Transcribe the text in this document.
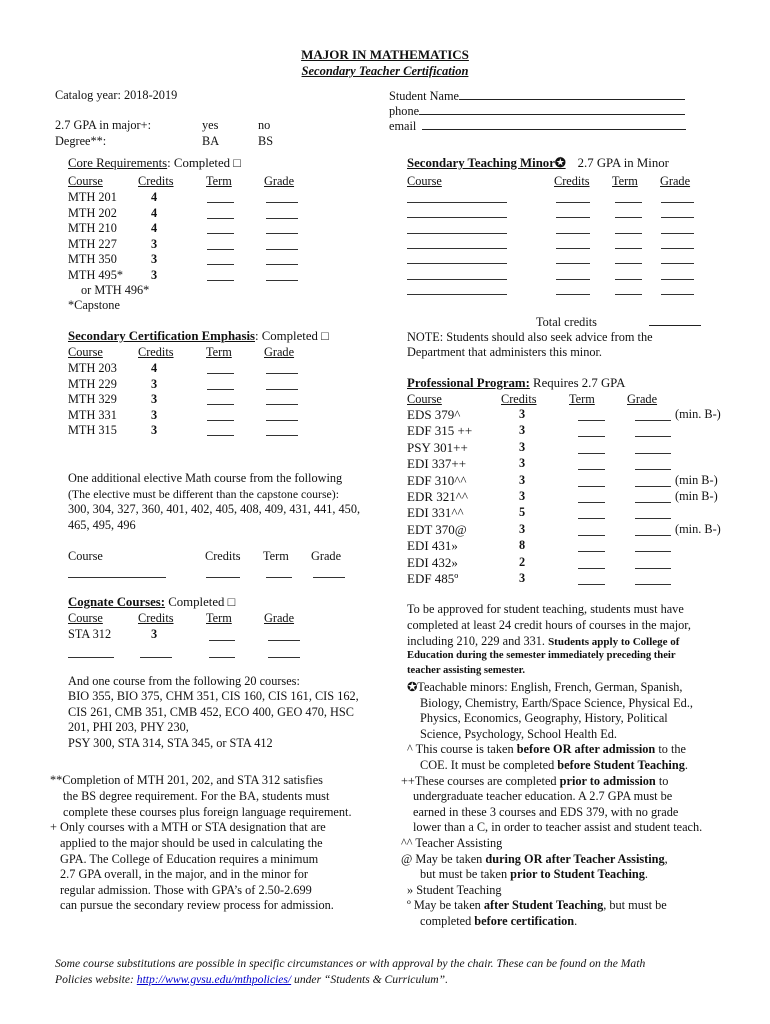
MAJOR IN MATHEMATICS
Secondary Teacher Certification
Catalog year: 2018-2019
2.7 GPA in major+:	yes	no
Degree**:	BA	BS
Student Name
phone
email
Core Requirements: Completed □
Course	Credits	Term	Grade
MTH 201	4
MTH 202	4
MTH 210	4
MTH 227	3
MTH 350	3
MTH 495* 3
or MTH 496*
*Capstone
Secondary Teaching Minor✪ 2.7 GPA in Minor
Course	Credits Term Grade
Total credits
NOTE: Students should also seek advice from the
Department that administers this minor.
Secondary Certification Emphasis: Completed □
Course	Credits	Term	Grade
MTH 203	4
MTH 229	3
MTH 329	3
MTH 331	3
MTH 315	3
One additional elective Math course from the following
(The elective must be different than the capstone course):
300, 304, 327, 360, 401, 402, 405, 408, 409, 431, 441, 450,
465, 495, 496
Course	Credits Term Grade
Professional Program: Requires 2.7 GPA
Course	Credits	Term	Grade
EDS 379^	3	(min. B-)
EDF 315 ++	3
PSY 301++	3
EDI 337++	3
EDF 310^^	3	(min B-)
EDR 321^^	3	(min B-)
EDI 331^^	5
EDT 370@	3	(min. B-)
EDI 431»	8
EDI 432»	2
EDF 485º	3
Cognate Courses: Completed □
Course	Credits	Term	Grade
STA 312	3
And one course from the following 20 courses:
BIO 355, BIO 375, CHM 351, CIS 160, CIS 161, CIS 162,
CIS 261, CMB 351, CMB 452, ECO 400, GEO 470, HSC
201, PHI 203, PHY 230,
PSY 300, STA 314, STA 345, or STA 412
To be approved for student teaching, students must have
completed at least 24 credit hours of courses in the major,
including 210, 229 and 331. Students apply to College of
Education during the semester immediately preceding their
teacher assisting semester.
✪Teachable minors: English, French, German, Spanish,
Biology, Chemistry, Earth/Space Science, Physical Ed.,
Physics, Economics, Geography, History, Political
Science, Psychology, School Health Ed.
^ This course is taken before OR after admission to the
COE. It must be completed before Student Teaching.
++These courses are completed prior to admission to
undergraduate teacher education. A 2.7 GPA must be
earned in these 3 courses and EDS 379, with no grade
lower than a C, in order to teacher assist and student teach.
^^ Teacher Assisting
@ May be taken during OR after Teacher Assisting,
but must be taken prior to Student Teaching.
» Student Teaching
º May be taken after Student Teaching, but must be
completed before certification.
**Completion of MTH 201, 202, and STA 312 satisfies
the BS degree requirement. For the BA, students must
complete these courses plus foreign language requirement.
+ Only courses with a MTH or STA designation that are
applied to the major should be used in calculating the
GPA. The College of Education requires a minimum
2.7 GPA overall, in the major, and in the minor for
regular admission. Those with GPA’s of 2.50-2.699
can pursue the secondary review process for admission.
Some course substitutions are possible in specific circumstances or with approval by the chair. These can be found on the Math
Policies website: http://www.gvsu.edu/mthpolicies/ under “Students & Curriculum”.
